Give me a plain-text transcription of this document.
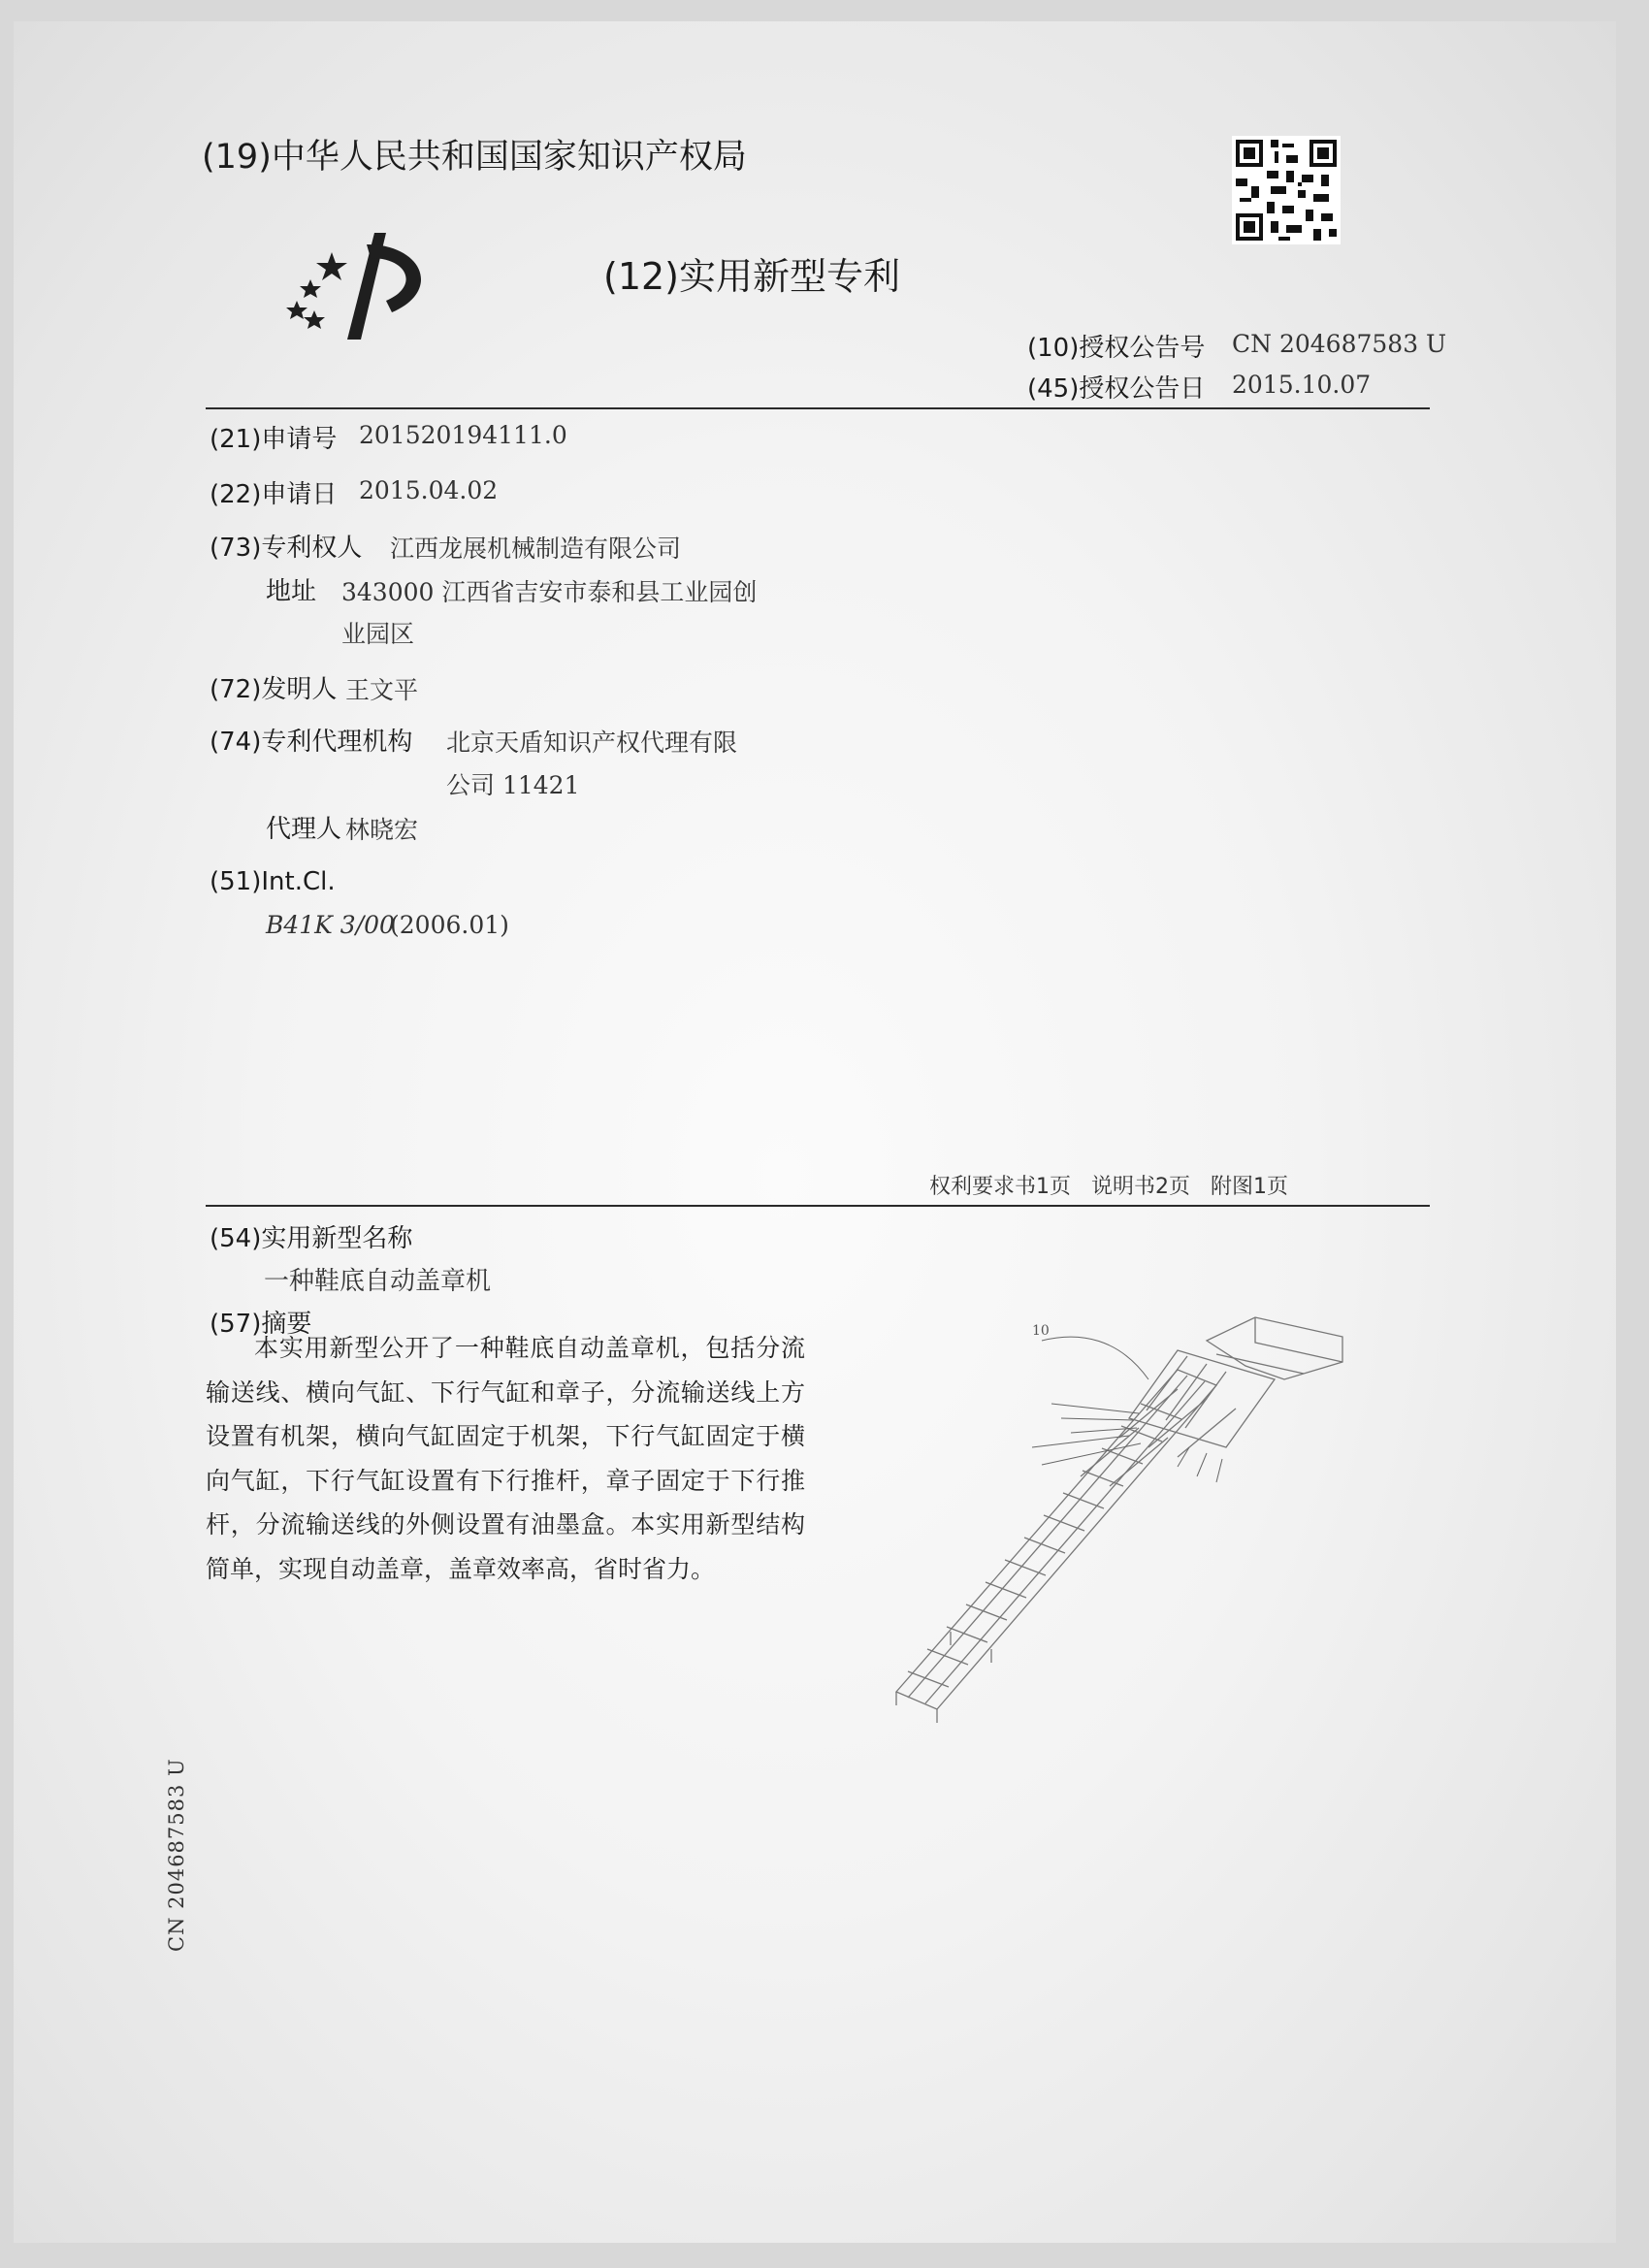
(19)中华人民共和国国家知识产权局
(12)实用新型专利
(10)授权公告号 CN 204687583 U
(45)授权公告日 2015.10.07
(21)申请号 201520194111.0
(22)申请日 2015.04.02
(73)专利权人 江西龙展机械制造有限公司
地址 343000 江西省吉安市泰和县工业园创
业园区
(72)发明人 王文平
(74)专利代理机构 北京天盾知识产权代理有限
公司 11421
代理人 林晓宏
(51)Int.Cl.
B41K 3/00
(2006.01)
权利要求书1页   说明书2页   附图1页
(54)实用新型名称
一种鞋底自动盖章机
(57)摘要
本实用新型公开了一种鞋底自动盖章机，包括分流输送线、横向气缸、下行气缸和章子，分流输送线上方设置有机架，横向气缸固定于机架，下行气缸固定于横向气缸，下行气缸设置有下行推杆，章子固定于下行推杆，分流输送线的外侧设置有油墨盒。本实用新型结构简单，实现自动盖章，盖章效率高，省时省力。
10
CN 204687583 U
